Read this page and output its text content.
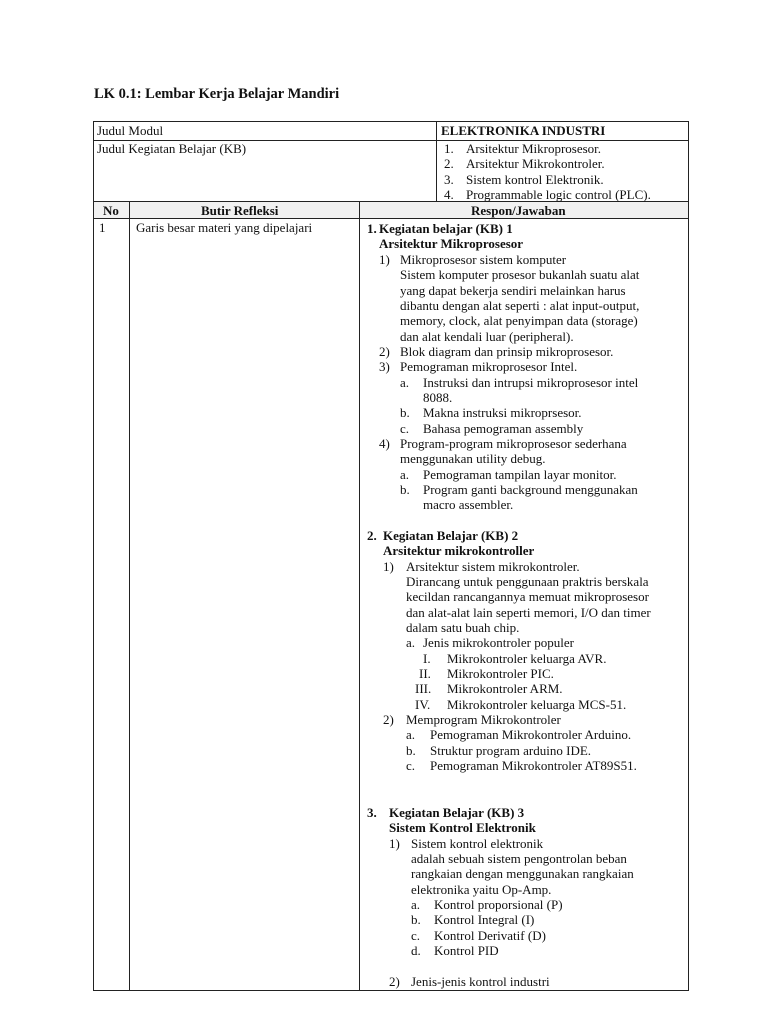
LK 0.1: Lembar Kerja Belajar Mandiri
Judul Modul	ELEKTRONIKA INDUSTRI
Judul Kegiatan Belajar (KB)	1. Arsitektur Mikroprosesor.
2. Arsitektur Mikrokontroler.
3. Sistem kontrol Elektronik.
4. Programmable logic control (PLC).
No	Butir Refleksi	Respon/Jawaban
1 Garis besar materi yang dipelajari	1. Kegiatan belajar (KB) 1
Arsitektur Mikroprosesor
1) Mikroprosesor sistem komputer
Sistem komputer prosesor bukanlah suatu alat
yang dapat bekerja sendiri melainkan harus
dibantu dengan alat seperti : alat input-output,
memory, clock, alat penyimpan data (storage)
dan alat kendali luar (peripheral).
2) Blok diagram dan prinsip mikroprosesor.
3) Pemograman mikroprosesor Intel.
a. Instruksi dan intrupsi mikroprosesor intel
8088.
b. Makna instruksi mikroprsesor.
c. Bahasa pemograman assembly
4) Program-program mikroprosesor sederhana
menggunakan utility debug.
a. Pemograman tampilan layar monitor.
b. Program ganti background menggunakan
macro assembler.
2. Kegiatan Belajar (KB) 2
Arsitektur mikrokontroller
1) Arsitektur sistem mikrokontroler.
Dirancang untuk penggunaan praktris berskala
kecildan rancangannya memuat mikroprosesor
dan alat-alat lain seperti memori, I/O dan timer
dalam satu buah chip.
a. Jenis mikrokontroler populer
I. Mikrokontroler keluarga AVR.
II. Mikrokontroler PIC.
III. Mikrokontroler ARM.
IV. Mikrokontroler keluarga MCS-51.
2) Memprogram Mikrokontroler
a. Pemograman Mikrokontroler Arduino.
b. Struktur program arduino IDE.
c. Pemograman Mikrokontroler AT89S51.
3. Kegiatan Belajar (KB) 3
Sistem Kontrol Elektronik
1) Sistem kontrol elektronik
adalah sebuah sistem pengontrolan beban
rangkaian dengan menggunakan rangkaian
elektronika yaitu Op-Amp.
a. Kontrol proporsional (P)
b. Kontrol Integral (I)
c. Kontrol Derivatif (D)
d. Kontrol PID
2) Jenis-jenis kontrol industri
